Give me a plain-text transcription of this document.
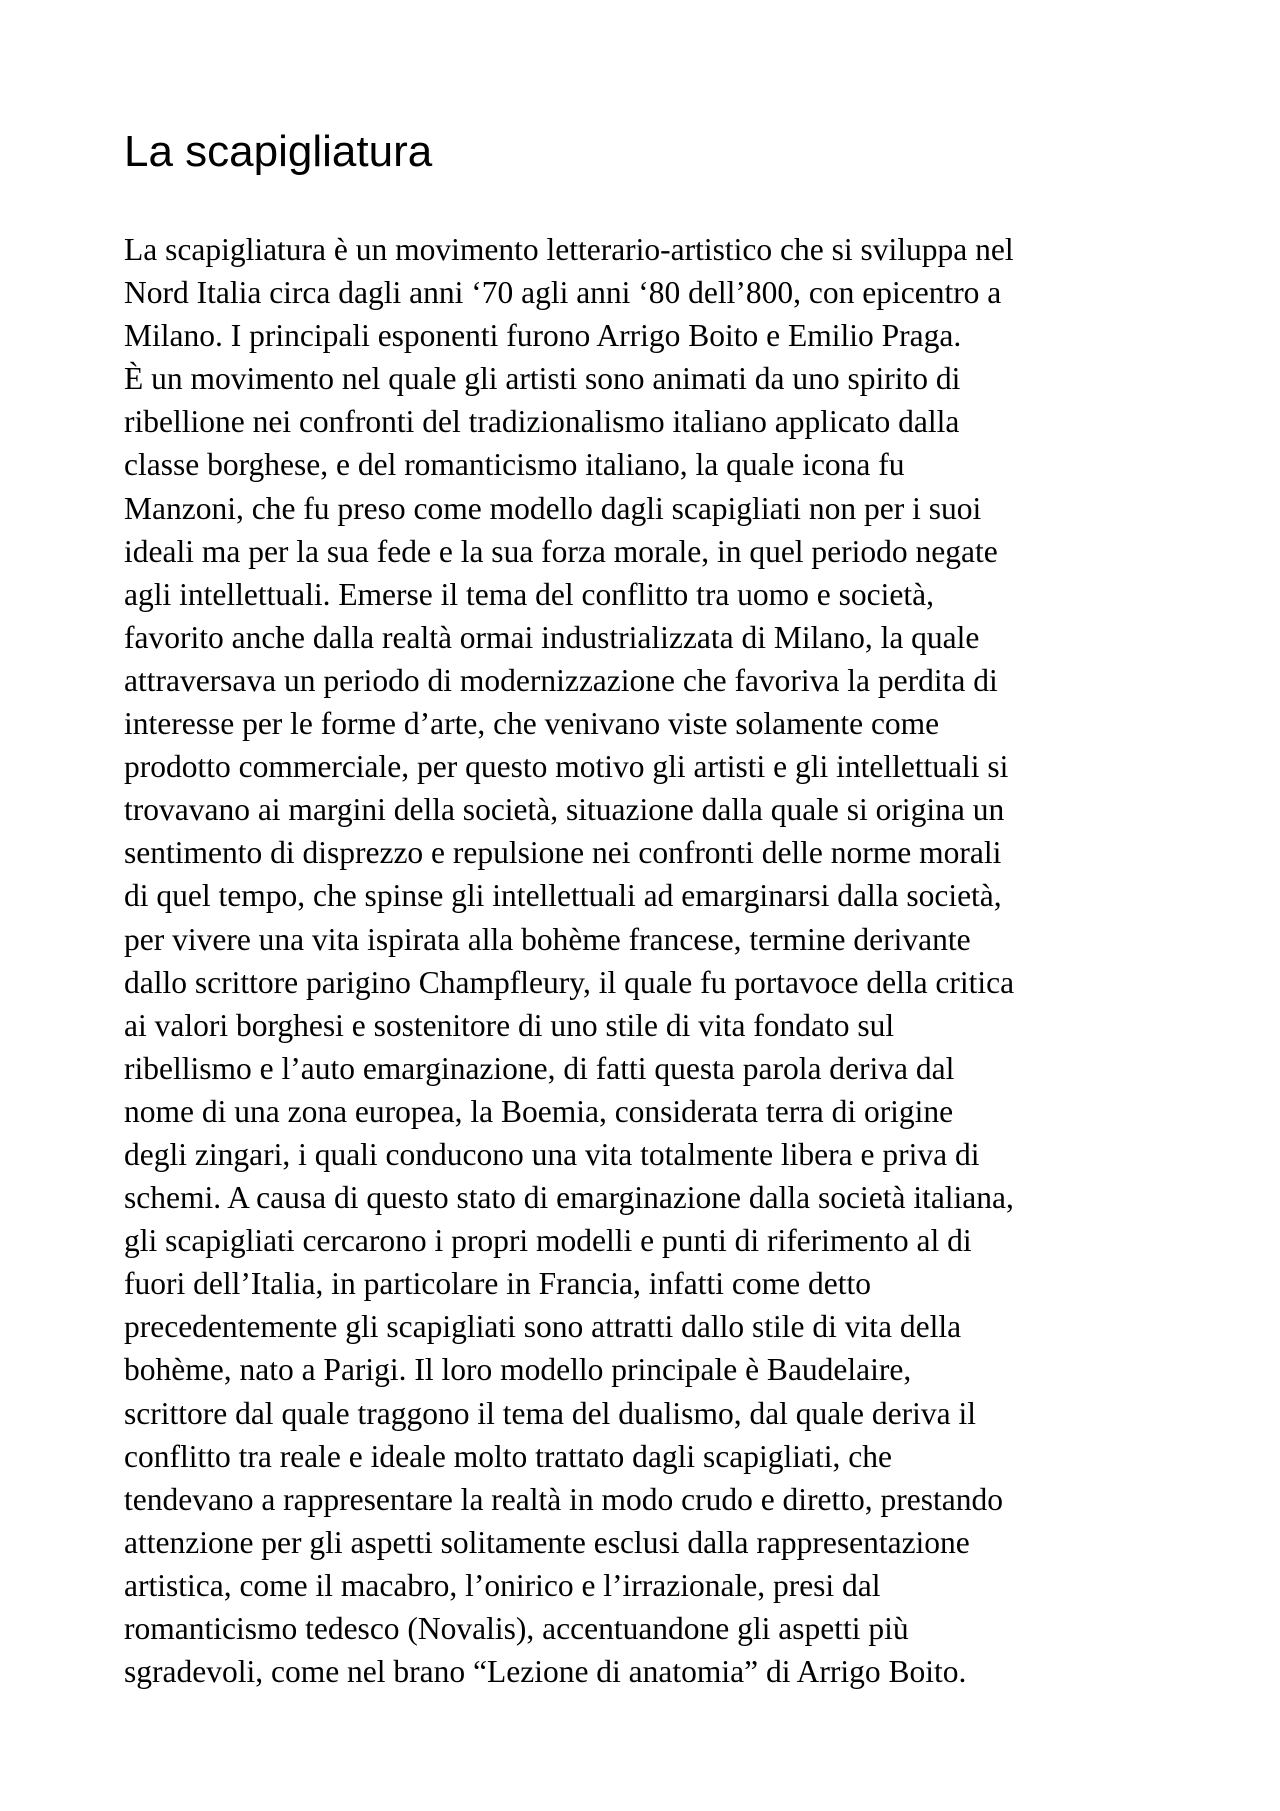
La scapigliatura
La scapigliatura è un movimento letterario-artistico che si sviluppa nel
Nord Italia circa dagli anni ‘70 agli anni ‘80 dell’800, con epicentro a
Milano. I principali esponenti furono Arrigo Boito e Emilio Praga.
È un movimento nel quale gli artisti sono animati da uno spirito di
ribellione nei confronti del tradizionalismo italiano applicato dalla
classe borghese, e del romanticismo italiano, la quale icona fu
Manzoni, che fu preso come modello dagli scapigliati non per i suoi
ideali ma per la sua fede e la sua forza morale, in quel periodo negate
agli intellettuali. Emerse il tema del conflitto tra uomo e società,
favorito anche dalla realtà ormai industrializzata di Milano, la quale
attraversava un periodo di modernizzazione che favoriva la perdita di
interesse per le forme d’arte, che venivano viste solamente come
prodotto commerciale, per questo motivo gli artisti e gli intellettuali si
trovavano ai margini della società, situazione dalla quale si origina un
sentimento di disprezzo e repulsione nei confronti delle norme morali
di quel tempo, che spinse gli intellettuali ad emarginarsi dalla società,
per vivere una vita ispirata alla bohème francese, termine derivante
dallo scrittore parigino Champfleury, il quale fu portavoce della critica
ai valori borghesi e sostenitore di uno stile di vita fondato sul
ribellismo e l’auto emarginazione, di fatti questa parola deriva dal
nome di una zona europea, la Boemia, considerata terra di origine
degli zingari, i quali conducono una vita totalmente libera e priva di
schemi. A causa di questo stato di emarginazione dalla società italiana,
gli scapigliati cercarono i propri modelli e punti di riferimento al di
fuori dell’Italia, in particolare in Francia, infatti come detto
precedentemente gli scapigliati sono attratti dallo stile di vita della
bohème, nato a Parigi. Il loro modello principale è Baudelaire,
scrittore dal quale traggono il tema del dualismo, dal quale deriva il
conflitto tra reale e ideale molto trattato dagli scapigliati, che
tendevano a rappresentare la realtà in modo crudo e diretto, prestando
attenzione per gli aspetti solitamente esclusi dalla rappresentazione
artistica, come il macabro, l’onirico e l’irrazionale, presi dal
romanticismo tedesco (Novalis), accentuandone gli aspetti più
sgradevoli, come nel brano “Lezione di anatomia” di Arrigo Boito.
